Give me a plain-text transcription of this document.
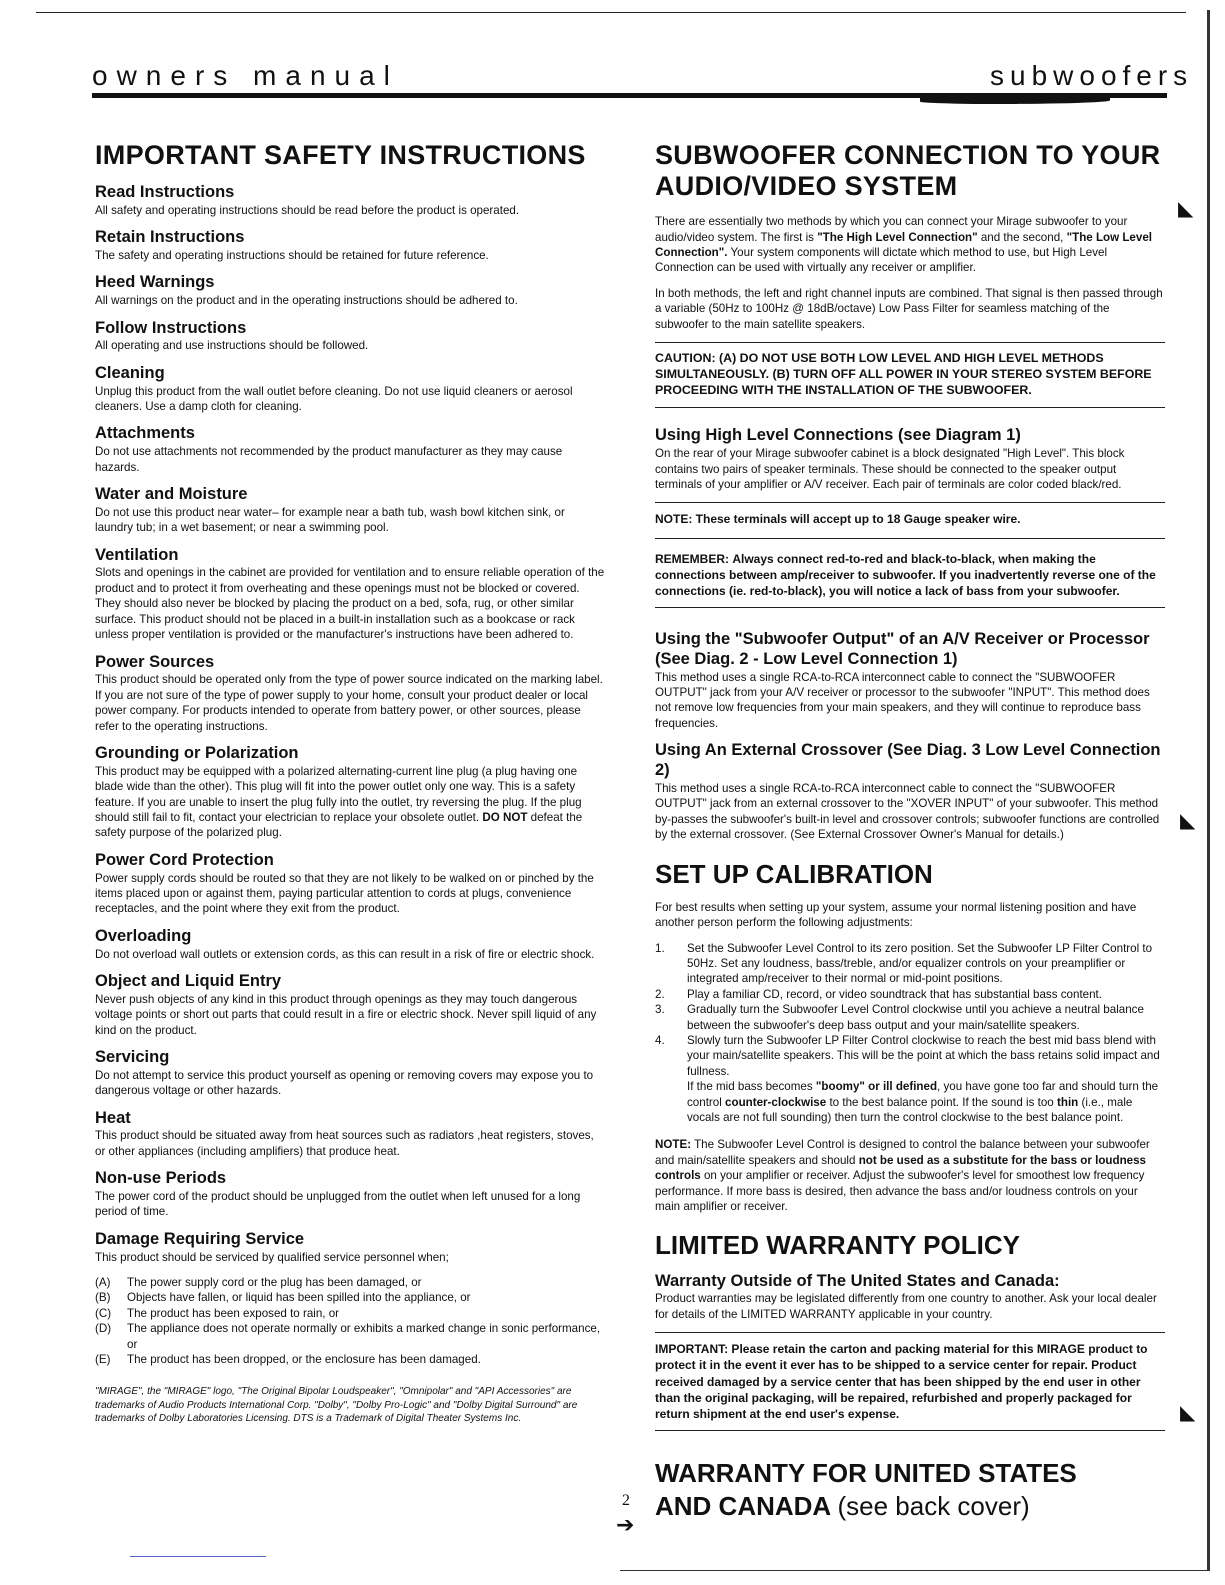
owners manual	subwoofers
IMPORTANT SAFETY INSTRUCTIONS
Read Instructions

All safety and operating instructions should be read before the product is operated.

Retain Instructions

The safety and operating instructions should be retained for future reference.

Heed Warnings

All warnings on the product and in the operating instructions should be adhered to.

Follow Instructions

All operating and use instructions should be followed.

Cleaning

Unplug this product from the wall outlet before cleaning. Do not use liquid cleaners or aerosol cleaners. Use a damp cloth for cleaning.

Attachments

Do not use attachments not recommended by the product manufacturer as they may cause hazards.

Water and Moisture

Do not use this product near water– for example near a bath tub, wash bowl kitchen sink, or laundry tub; in a wet basement; or near a swimming pool.

Ventilation

Slots and openings in the cabinet are provided for ventilation and to ensure reliable operation of the product and to protect it from overheating and these openings must not be blocked or covered. They should also never be blocked by placing the product on a bed, sofa, rug, or other similar surface. This product should not be placed in a built-in installation such as a bookcase or rack unless proper ventilation is provided or the manufacturer's instructions have been adhered to.

Power Sources

This product should be operated only from the type of power source indicated on the marking label. If you are not sure of the type of power supply to your home, consult your product dealer or local power company. For products intended to operate from battery power, or other sources, please refer to the operating instructions.

Grounding or Polarization

This product may be equipped with a polarized alternating-current line plug (a plug having one blade wide than the other). This plug will fit into the power outlet only one way. This is a safety feature. If you are unable to insert the plug fully into the outlet, try reversing the plug. If the plug should still fail to fit, contact your electrician to replace your obsolete outlet. DO NOT defeat the safety purpose of the polarized plug.

Power Cord Protection

Power supply cords should be routed so that they are not likely to be walked on or pinched by the items placed upon or against them, paying particular attention to cords at plugs, convenience receptacles, and the point where they exit from the product.

Overloading

Do not overload wall outlets or extension cords, as this can result in a risk of fire or electric shock.

Object and Liquid Entry

Never push objects of any kind in this product through openings as they may touch dangerous voltage points or short out parts that could result in a fire or electric shock. Never spill liquid of any kind on the product.

Servicing

Do not attempt to service this product yourself as opening or removing covers may expose you to dangerous voltage or other hazards.

Heat

This product should be situated away from heat sources such as radiators ,heat registers, stoves, or other appliances (including amplifiers) that produce heat.

Non-use Periods

The power cord of the product should be unplugged from the outlet when left unused for a long period of time.

Damage Requiring Service

This product should be serviced by qualified service personnel when;

(A) The power supply cord or the plug has been damaged, or
(B) Objects have fallen, or liquid has been spilled into the appliance, or
(C) The product has been exposed to rain, or
(D) The appliance does not operate normally or exhibits a marked change in sonic performance, or
(E) The product has been dropped, or the enclosure has been damaged.
"MIRAGE", the "MIRAGE" logo, "The Original Bipolar Loudspeaker", "Omnipolar" and "API Accessories" are trademarks of Audio Products International Corp. "Dolby", "Dolby Pro-Logic" and "Dolby Digital Surround" are trademarks of Dolby Laboratories Licensing. DTS is a Trademark of Digital Theater Systems Inc.
SUBWOOFER CONNECTION TO YOUR AUDIO/VIDEO SYSTEM

There are essentially two methods by which you can connect your Mirage subwoofer to your audio/video system. The first is "The High Level Connection" and the second, "The Low Level Connection". Your system components will dictate which method to use, but High Level Connection can be used with virtually any receiver or amplifier.

In both methods, the left and right channel inputs are combined. That signal is then passed through a variable (50Hz to 100Hz @ 18dB/octave) Low Pass Filter for seamless matching of the subwoofer to the main satellite speakers.

CAUTION: (A) DO NOT USE BOTH LOW LEVEL AND HIGH LEVEL METHODS SIMULTANEOUSLY. (B) TURN OFF ALL POWER IN YOUR STEREO SYSTEM BEFORE PROCEEDING WITH THE INSTALLATION OF THE SUBWOOFER.

Using High Level Connections (see Diagram 1)

On the rear of your Mirage subwoofer cabinet is a block designated "High Level". This block contains two pairs of speaker terminals. These should be connected to the speaker output terminals of your amplifier or A/V receiver. Each pair of terminals are color coded black/red.

NOTE: These terminals will accept up to 18 Gauge speaker wire.

REMEMBER: Always connect red-to-red and black-to-black, when making the connections between amp/receiver to subwoofer. If you inadvertently reverse one of the connections (ie. red-to-black), you will notice a lack of bass from your subwoofer.

Using the "Subwoofer Output" of an A/V Receiver or Processor (See Diag. 2 - Low Level Connection 1)

This method uses a single RCA-to-RCA interconnect cable to connect the "SUBWOOFER OUTPUT" jack from your A/V receiver or processor to the subwoofer "INPUT". This method does not remove low frequencies from your main speakers, and they will continue to reproduce bass frequencies.

Using An External Crossover (See Diag. 3 Low Level Connection 2)

This method uses a single RCA-to-RCA interconnect cable to connect the "SUBWOOFER OUTPUT" jack from an external crossover to the "XOVER INPUT" of your subwoofer. This method by-passes the subwoofer's built-in level and crossover controls; subwoofer functions are controlled by the external crossover. (See External Crossover Owner's Manual for details.)

SET UP CALIBRATION

For best results when setting up your system, assume your normal listening position and have another person perform the following adjustments:

1. Set the Subwoofer Level Control to its zero position. Set the Subwoofer LP Filter Control to 50Hz. Set any loudness, bass/treble, and/or equalizer controls on your preamplifier or integrated amp/receiver to their normal or mid-point positions.
2. Play a familiar CD, record, or video soundtrack that has substantial bass content.
3. Gradually turn the Subwoofer Level Control clockwise until you achieve a neutral balance between the subwoofer's deep bass output and your main/satellite speakers.
4. Slowly turn the Subwoofer LP Filter Control clockwise to reach the best mid bass blend with your main/satellite speakers. This will be the point at which the bass retains solid impact and fullness.

If the mid bass becomes "boomy" or ill defined, you have gone too far and should turn the control counter-clockwise to the best balance point. If the sound is too thin (i.e., male vocals are not full sounding) then turn the control clockwise to the best balance point.

NOTE: The Subwoofer Level Control is designed to control the balance between your subwoofer and main/satellite speakers and should not be used as a substitute for the bass or loudness controls on your amplifier or receiver. Adjust the subwoofer's level for smoothest low frequency performance. If more bass is desired, then advance the bass and/or loudness controls on your main amplifier or receiver.

LIMITED WARRANTY POLICY
Warranty Outside of The United States and Canada:

Product warranties may be legislated differently from one country to another. Ask your local dealer for details of the LIMITED WARRANTY applicable in your country.

IMPORTANT: Please retain the carton and packing material for this MIRAGE product to protect it in the event it ever has to be shipped to a service center for repair. Product received damaged by a service center that has been shipped by the end user in other than the original packaging, will be repaired, refurbished and properly packaged for return shipment at the end user's expense.

WARRANTY FOR UNITED STATES
AND CANADA (see back cover)
2
➔
◣
◣
◣
